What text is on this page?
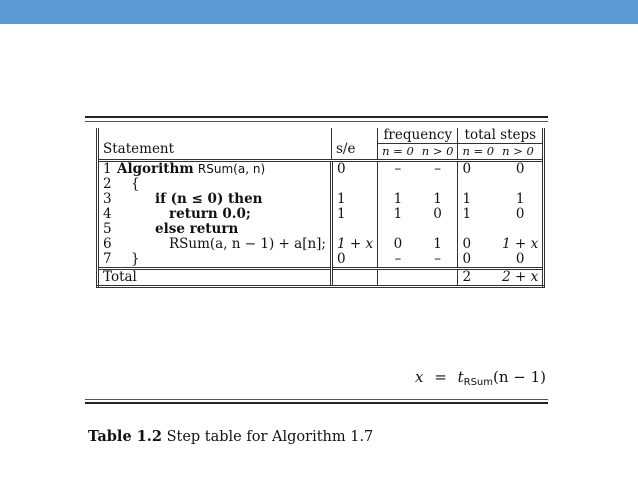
Statement	s/e	frequency		total steps	
		n = 0	n > 0	n = 0	n > 0
1 Algorithm RSum(a, n)	0	–	–	0	0
2 {					
3 if (n ≤ 0) then	1	1	1	1	1
4 return 0.0;	1	1	0	1	0
5 else return					
6 RSum(a, n − 1) + a[n];	1 + x	0	1	0	1 + x
7 }	0	–	–	0	0
Total				2	2 + x
$x = t_{RSum}(n - 1)$
Table 1.2 Step table for Algorithm 1.7
